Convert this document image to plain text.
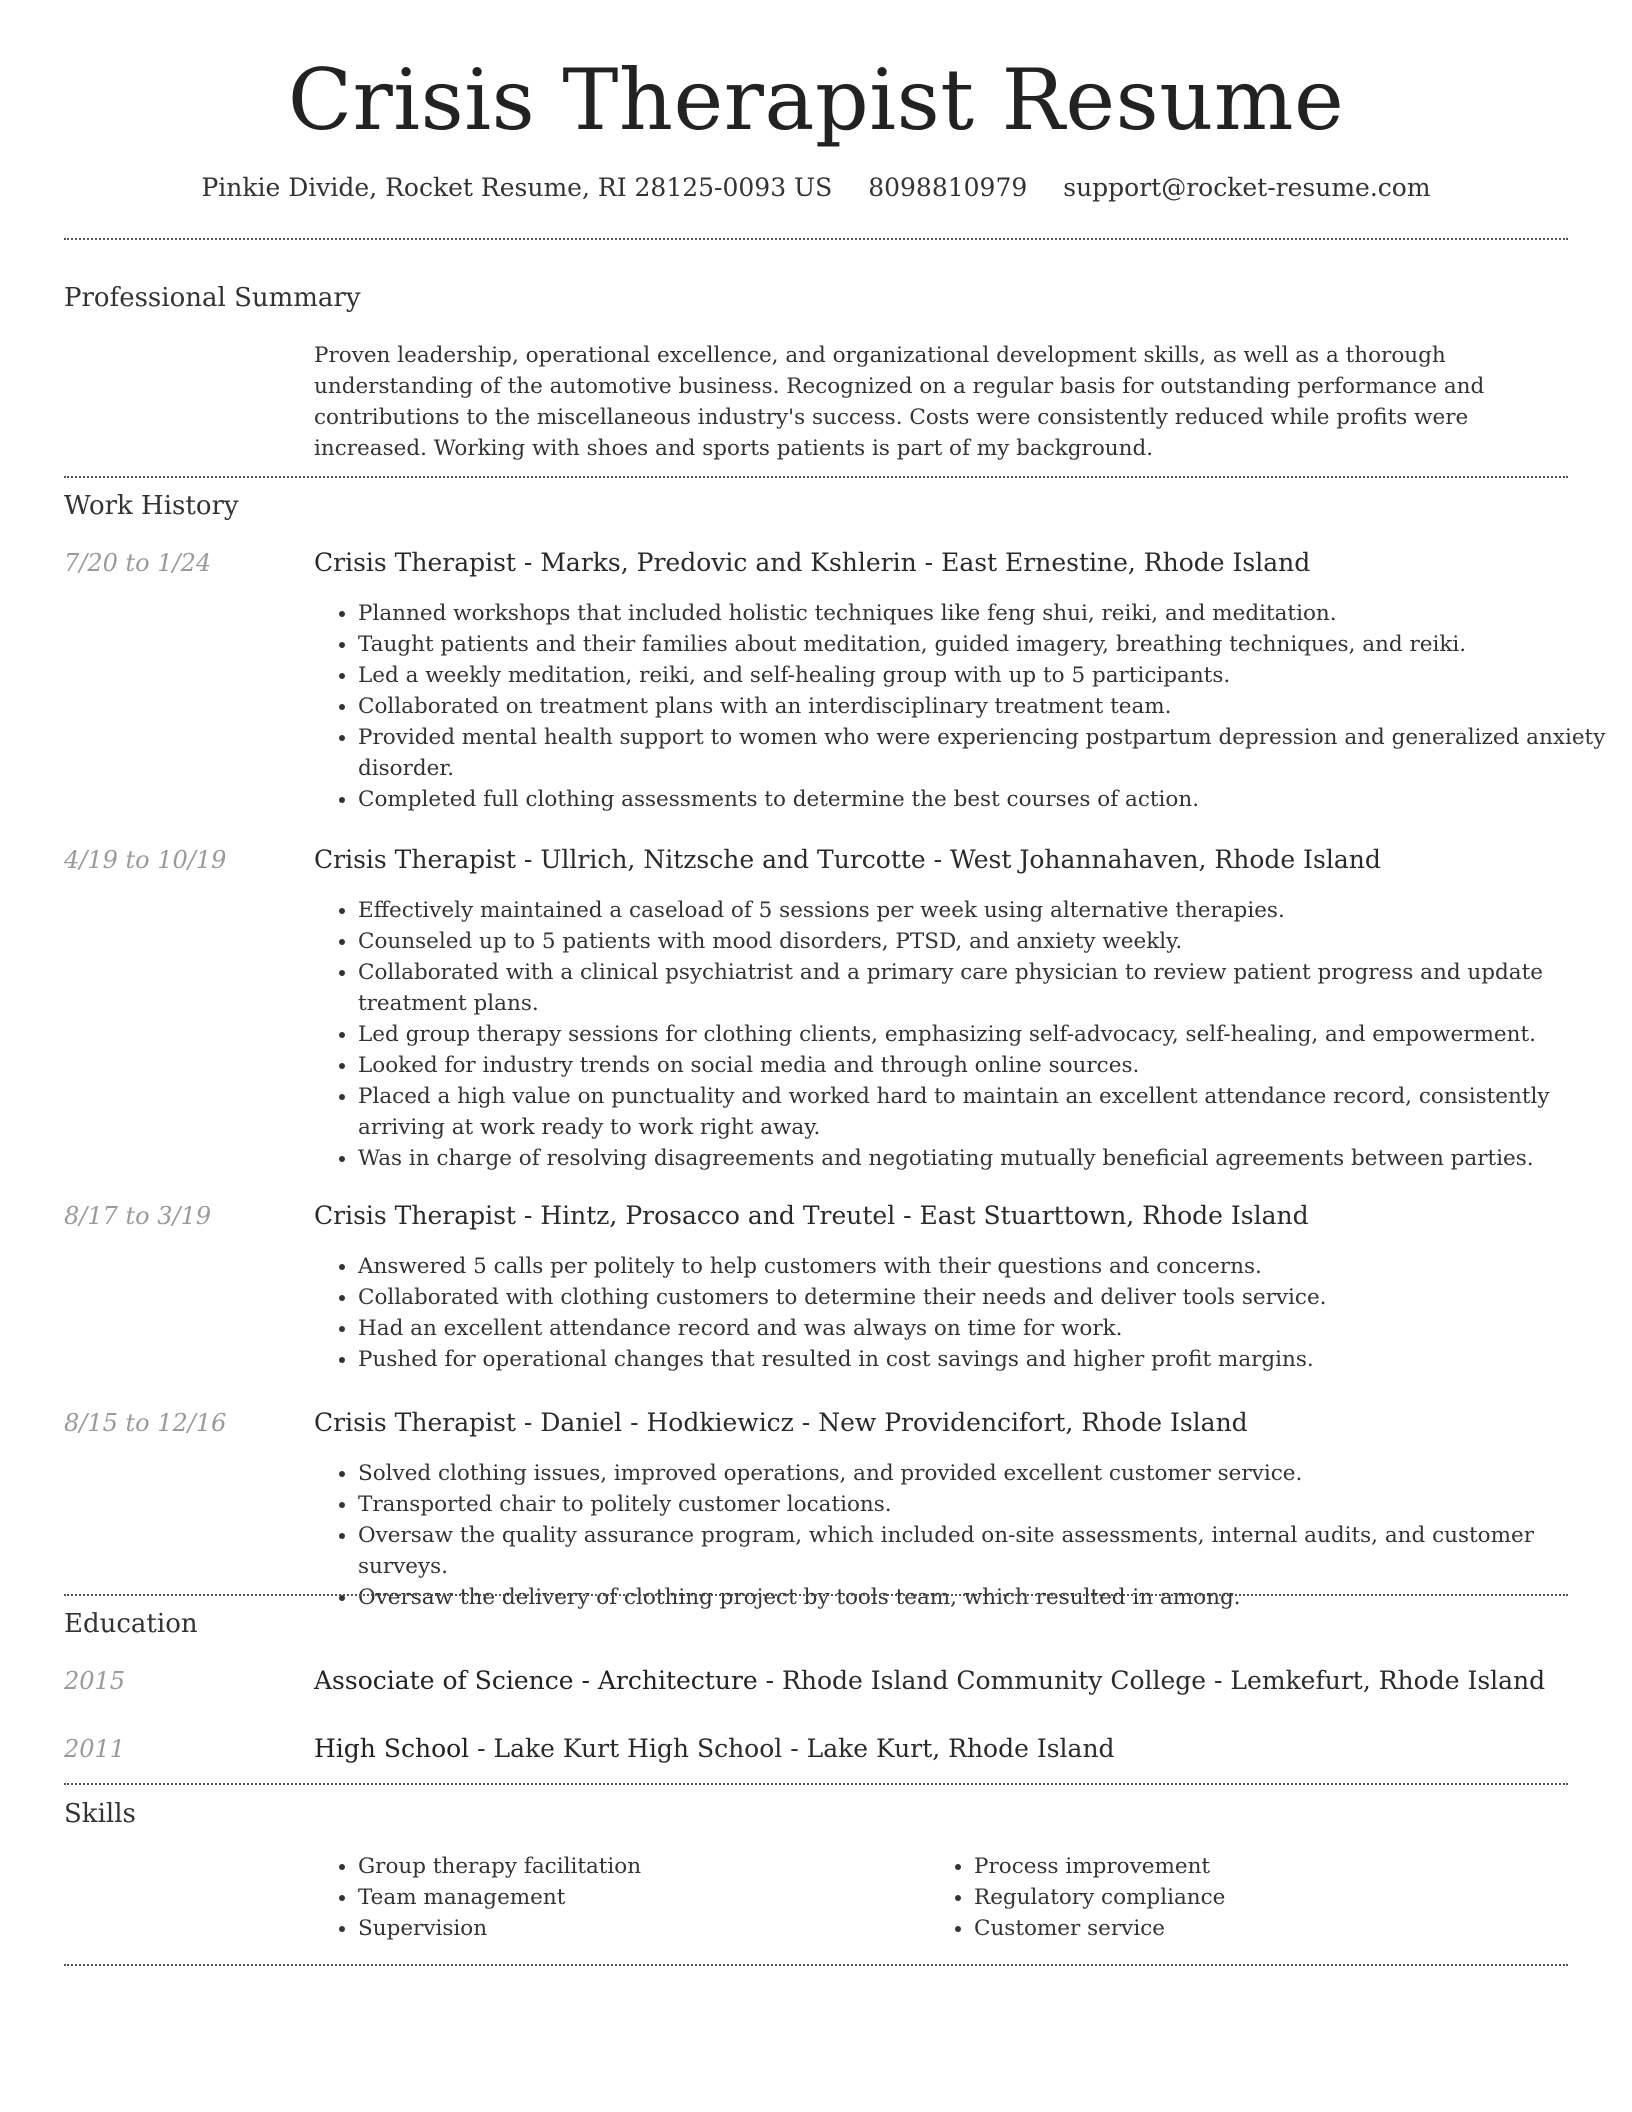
Crisis Therapist Resume
Pinkie Divide, Rocket Resume, RI 28125-0093 US 8098810979 support@rocket-resume.com
Professional Summary

Proven leadership, operational excellence, and organizational development skills, as well as a thorough understanding of the automotive business. Recognized on a regular basis for outstanding performance and contributions to the miscellaneous industry's success. Costs were consistently reduced while profits were increased. Working with shoes and sports patients is part of my background.

Work History
7/20 to 1/24	Crisis Therapist - Marks, Predovic and Kshlerin - East Ernestine, Rhode Island
• Planned workshops that included holistic techniques like feng shui, reiki, and meditation.
• Taught patients and their families about meditation, guided imagery, breathing techniques, and reiki.
• Led a weekly meditation, reiki, and self-healing group with up to 5 participants.
• Collaborated on treatment plans with an interdisciplinary treatment team.
• Provided mental health support to women who were experiencing postpartum depression and generalized anxiety disorder.
• Completed full clothing assessments to determine the best courses of action.
4/19 to 10/19	Crisis Therapist - Ullrich, Nitzsche and Turcotte - West Johannahaven, Rhode Island
• Effectively maintained a caseload of 5 sessions per week using alternative therapies.
• Counseled up to 5 patients with mood disorders, PTSD, and anxiety weekly.
• Collaborated with a clinical psychiatrist and a primary care physician to review patient progress and update treatment plans.
• Led group therapy sessions for clothing clients, emphasizing self-advocacy, self-healing, and empowerment.
• Looked for industry trends on social media and through online sources.
• Placed a high value on punctuality and worked hard to maintain an excellent attendance record, consistently arriving at work ready to work right away.
• Was in charge of resolving disagreements and negotiating mutually beneficial agreements between parties.
8/17 to 3/19	Crisis Therapist - Hintz, Prosacco and Treutel - East Stuarttown, Rhode Island
• Answered 5 calls per politely to help customers with their questions and concerns.
• Collaborated with clothing customers to determine their needs and deliver tools service.
• Had an excellent attendance record and was always on time for work.
• Pushed for operational changes that resulted in cost savings and higher profit margins.
8/15 to 12/16	Crisis Therapist - Daniel - Hodkiewicz - New Providencifort, Rhode Island
• Solved clothing issues, improved operations, and provided excellent customer service.
• Transported chair to politely customer locations.
• Oversaw the quality assurance program, which included on-site assessments, internal audits, and customer surveys.
• Oversaw the delivery of clothing project by tools team, which resulted in among.
Education
2015	Associate of Science - Architecture - Rhode Island Community College - Lemkefurt, Rhode Island
2011	High School - Lake Kurt High School - Lake Kurt, Rhode Island
Skills
• Group therapy facilitation
• Team management
• Supervision
• Process improvement
• Regulatory compliance
• Customer service
